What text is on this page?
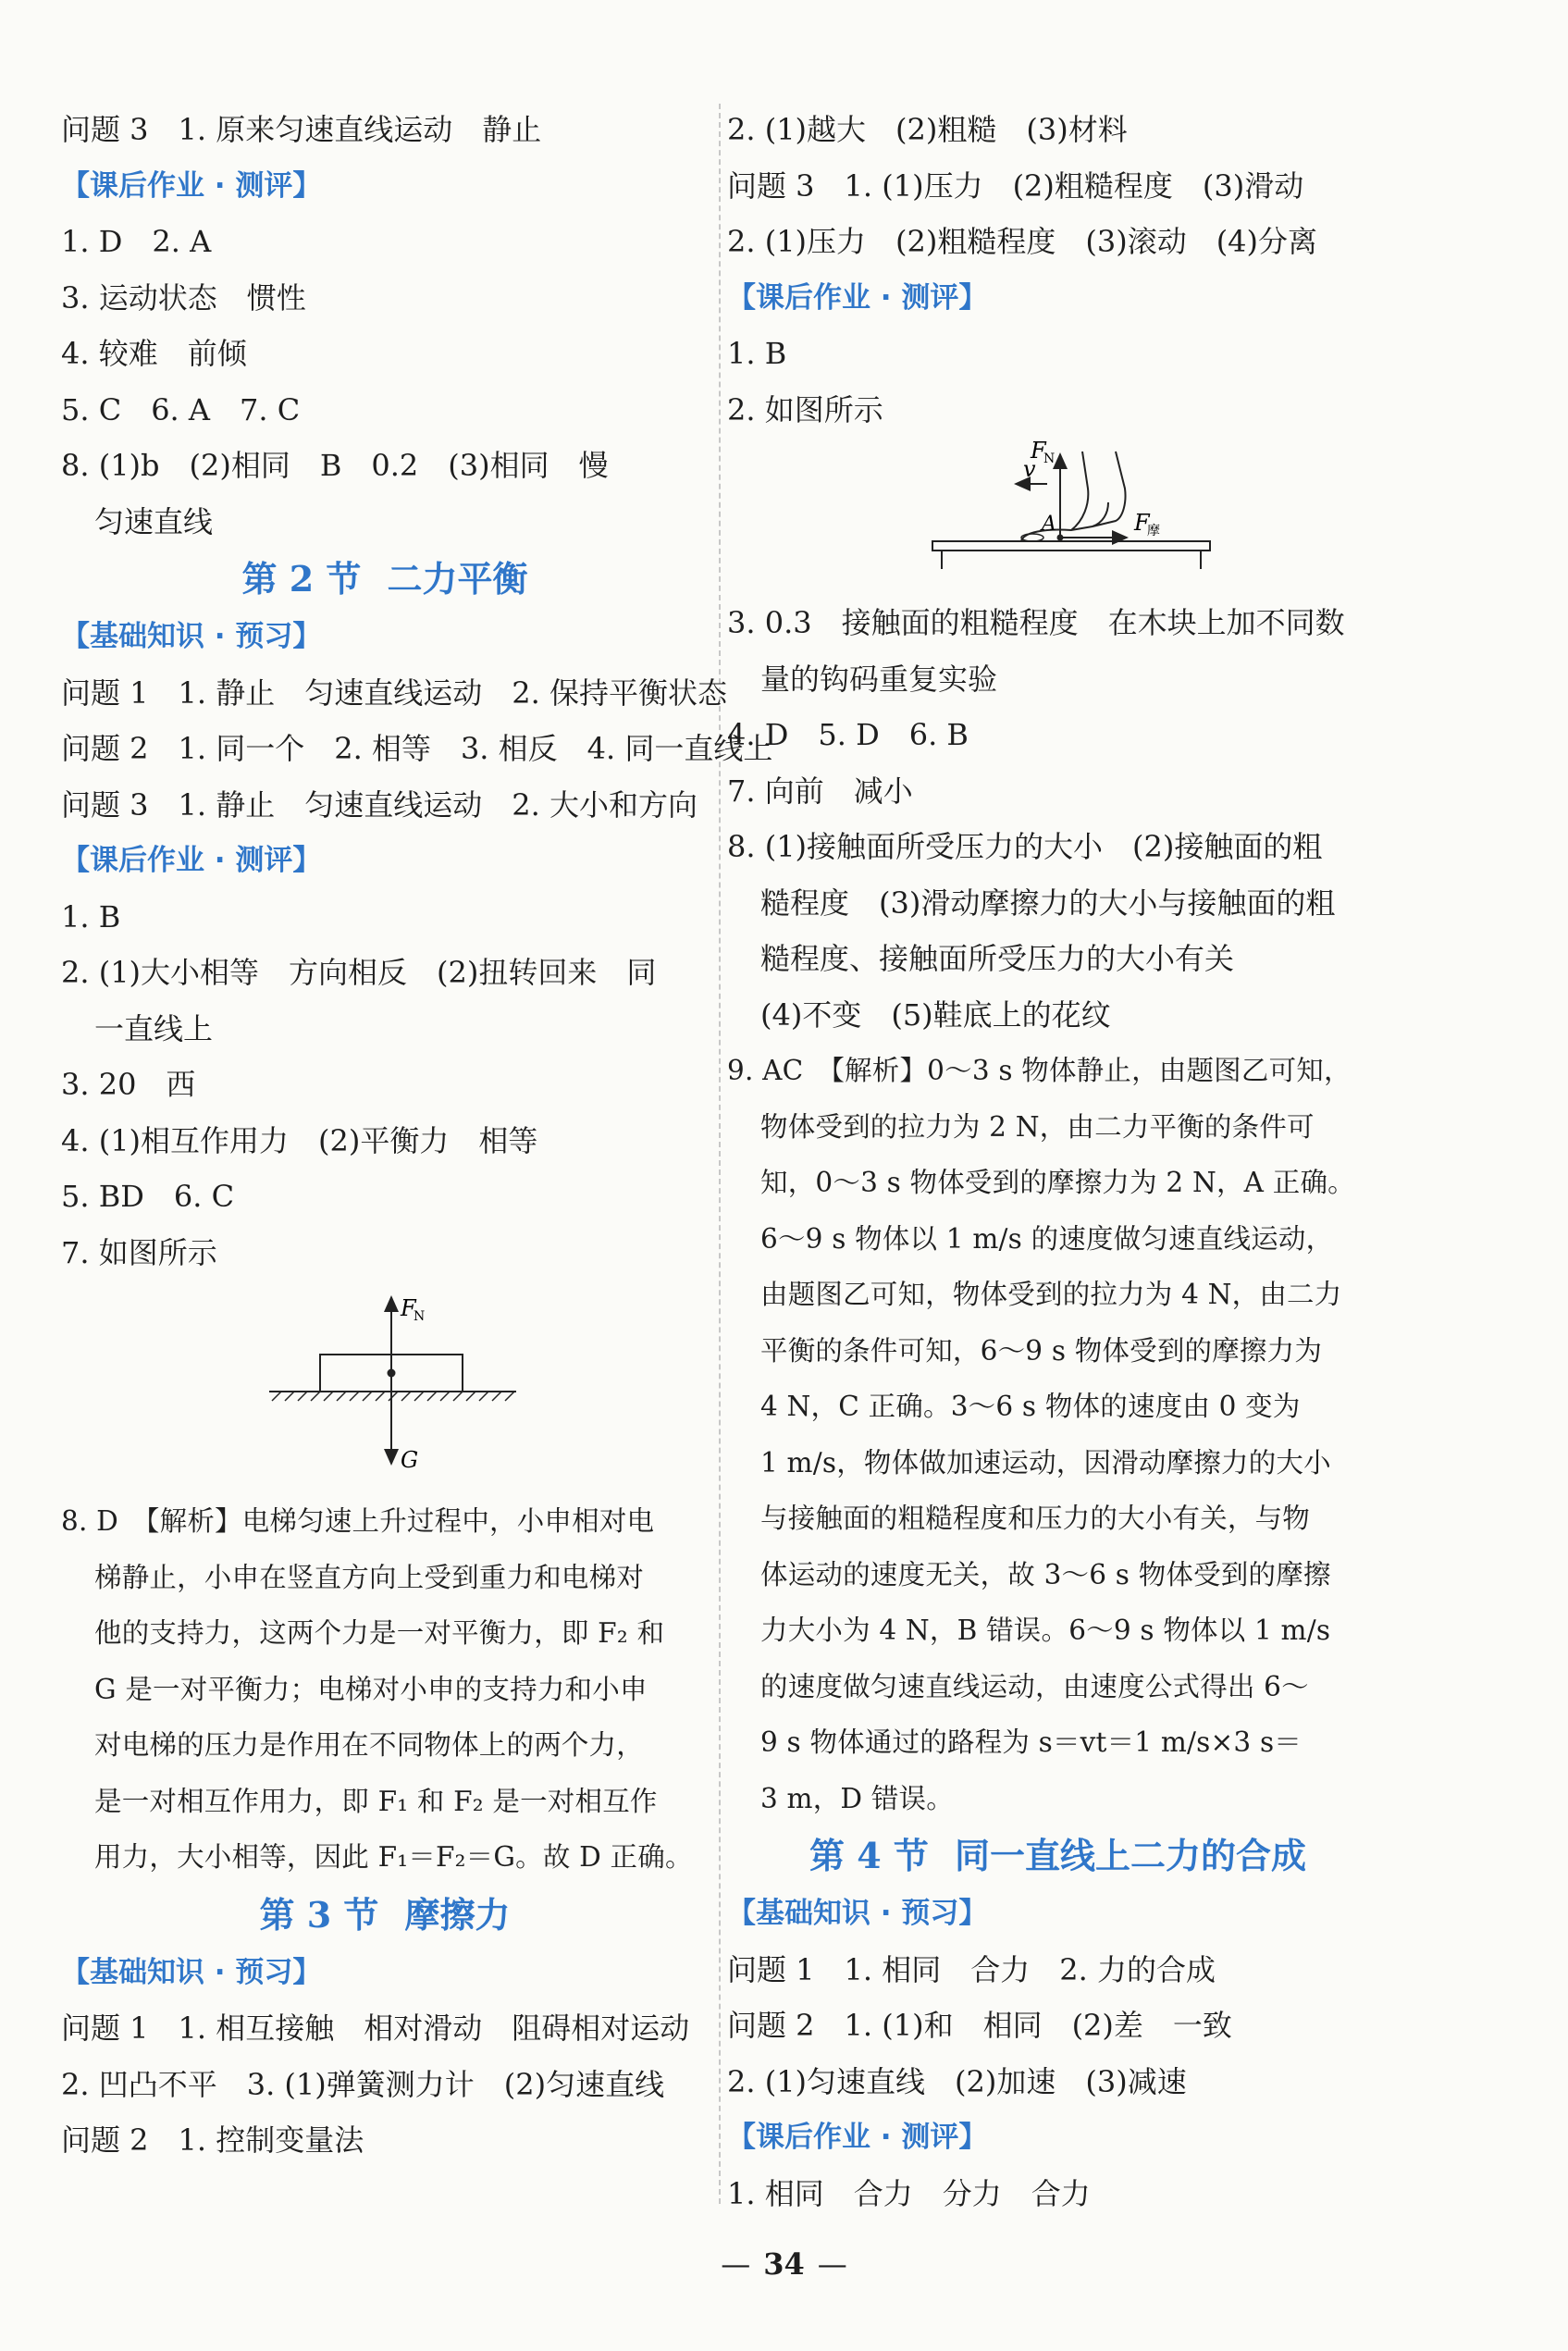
问题 3　1. 原来匀速直线运动　静止
【课后作业 · 测评】
1. D　2. A
3. 运动状态　惯性
4. 较难　前倾
5. C　6. A　7. C
8. (1)b　(2)相同　B　0.2　(3)相同　慢
匀速直线
第 2 节 二力平衡
【基础知识 · 预习】
问题 1　1. 静止　匀速直线运动　2. 保持平衡状态
问题 2　1. 同一个　2. 相等　3. 相反　4. 同一直线上
问题 3　1. 静止　匀速直线运动　2. 大小和方向
【课后作业 · 测评】
1. B
2. (1)大小相等　方向相反　(2)扭转回来　同
一直线上
3. 20　西
4. (1)相互作用力　(2)平衡力　相等
5. BD　6. C
7. 如图所示
F
N
G
8. D　【解析】电梯匀速上升过程中，小申相对电
梯静止，小申在竖直方向上受到重力和电梯对
他的支持力，这两个力是一对平衡力，即 F₂ 和
G 是一对平衡力；电梯对小申的支持力和小申
对电梯的压力是作用在不同物体上的两个力，
是一对相互作用力，即 F₁ 和 F₂ 是一对相互作
用力，大小相等，因此 F₁＝F₂＝G。故 D 正确。
第 3 节 摩擦力
【基础知识 · 预习】
问题 1　1. 相互接触　相对滑动　阻碍相对运动
2. 凹凸不平　3. (1)弹簧测力计　(2)匀速直线
问题 2　1. 控制变量法
2. (1)越大　(2)粗糙　(3)材料
问题 3　1. (1)压力　(2)粗糙程度　(3)滑动
2. (1)压力　(2)粗糙程度　(3)滚动　(4)分离
【课后作业 · 测评】
1. B
2. 如图所示
F
N
v
A	F
摩
3. 0.3　接触面的粗糙程度　在木块上加不同数
量的钩码重复实验
4. D　5. D　6. B
7. 向前　减小
8. (1)接触面所受压力的大小　(2)接触面的粗
糙程度　(3)滑动摩擦力的大小与接触面的粗
糙程度、接触面所受压力的大小有关
(4)不变　(5)鞋底上的花纹
9. AC　【解析】0～3 s 物体静止，由题图乙可知，
物体受到的拉力为 2 N，由二力平衡的条件可
知，0～3 s 物体受到的摩擦力为 2 N，A 正确。
6～9 s 物体以 1 m/s 的速度做匀速直线运动，
由题图乙可知，物体受到的拉力为 4 N，由二力
平衡的条件可知，6～9 s 物体受到的摩擦力为
4 N，C 正确。3～6 s 物体的速度由 0 变为
1 m/s，物体做加速运动，因滑动摩擦力的大小
与接触面的粗糙程度和压力的大小有关，与物
体运动的速度无关，故 3～6 s 物体受到的摩擦
力大小为 4 N，B 错误。6～9 s 物体以 1 m/s
的速度做匀速直线运动，由速度公式得出 6～
9 s 物体通过的路程为 s＝vt＝1 m/s×3 s＝
3 m，D 错误。
第 4 节 同一直线上二力的合成
【基础知识 · 预习】
问题 1　1. 相同　合力　2. 力的合成
问题 2　1. (1)和　相同　(2)差　一致
2. (1)匀速直线　(2)加速　(3)减速
【课后作业 · 测评】
1. 相同　合力　分力　合力
— 34 —
